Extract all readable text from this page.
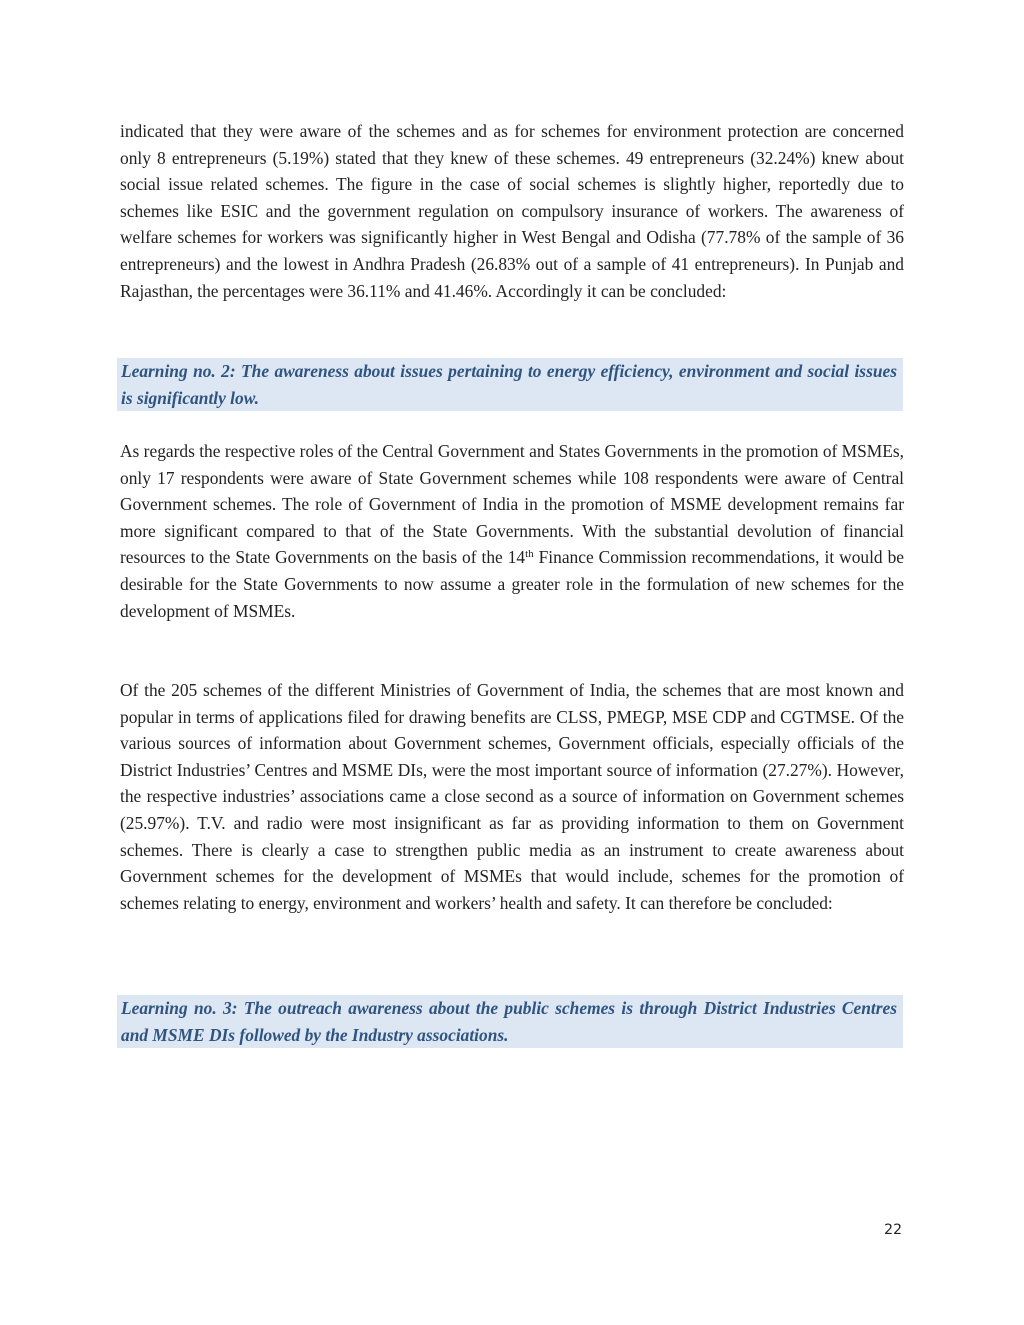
indicated that they were aware of the schemes and as for schemes for environment protection are concerned only 8 entrepreneurs (5.19%) stated that they knew of these schemes. 49 entrepreneurs (32.24%) knew about social issue related schemes. The figure in the case of social schemes is slightly higher, reportedly due to schemes like ESIC and the government regulation on compulsory insurance of workers. The awareness of welfare schemes for workers was significantly higher in West Bengal and Odisha (77.78% of the sample of 36 entrepreneurs) and the lowest in Andhra Pradesh (26.83% out of a sample of 41 entrepreneurs). In Punjab and Rajasthan, the percentages were 36.11% and 41.46%. Accordingly it can be concluded:

Learning no. 2: The awareness about issues pertaining to energy efficiency, environment and social issues is significantly low.

As regards the respective roles of the Central Government and States Governments in the promotion of MSMEs, only 17 respondents were aware of State Government schemes while 108 respondents were aware of Central Government schemes. The role of Government of India in the promotion of MSME development remains far more significant compared to that of the State Governments. With the substantial devolution of financial resources to the State Governments on the basis of the 14th Finance Commission recommendations, it would be desirable for the State Governments to now assume a greater role in the formulation of new schemes for the development of MSMEs.

Of the 205 schemes of the different Ministries of Government of India, the schemes that are most known and popular in terms of applications filed for drawing benefits are CLSS, PMEGP, MSE CDP and CGTMSE. Of the various sources of information about Government schemes, Government officials, especially officials of the District Industries’ Centres and MSME DIs, were the most important source of information (27.27%). However, the respective industries’ associations came a close second as a source of information on Government schemes (25.97%). T.V. and radio were most insignificant as far as providing information to them on Government schemes. There is clearly a case to strengthen public media as an instrument to create awareness about Government schemes for the development of MSMEs that would include, schemes for the promotion of schemes relating to energy, environment and workers’ health and safety. It can therefore be concluded:

Learning no. 3: The outreach awareness about the public schemes is through District Industries Centres and MSME DIs followed by the Industry associations.

22
